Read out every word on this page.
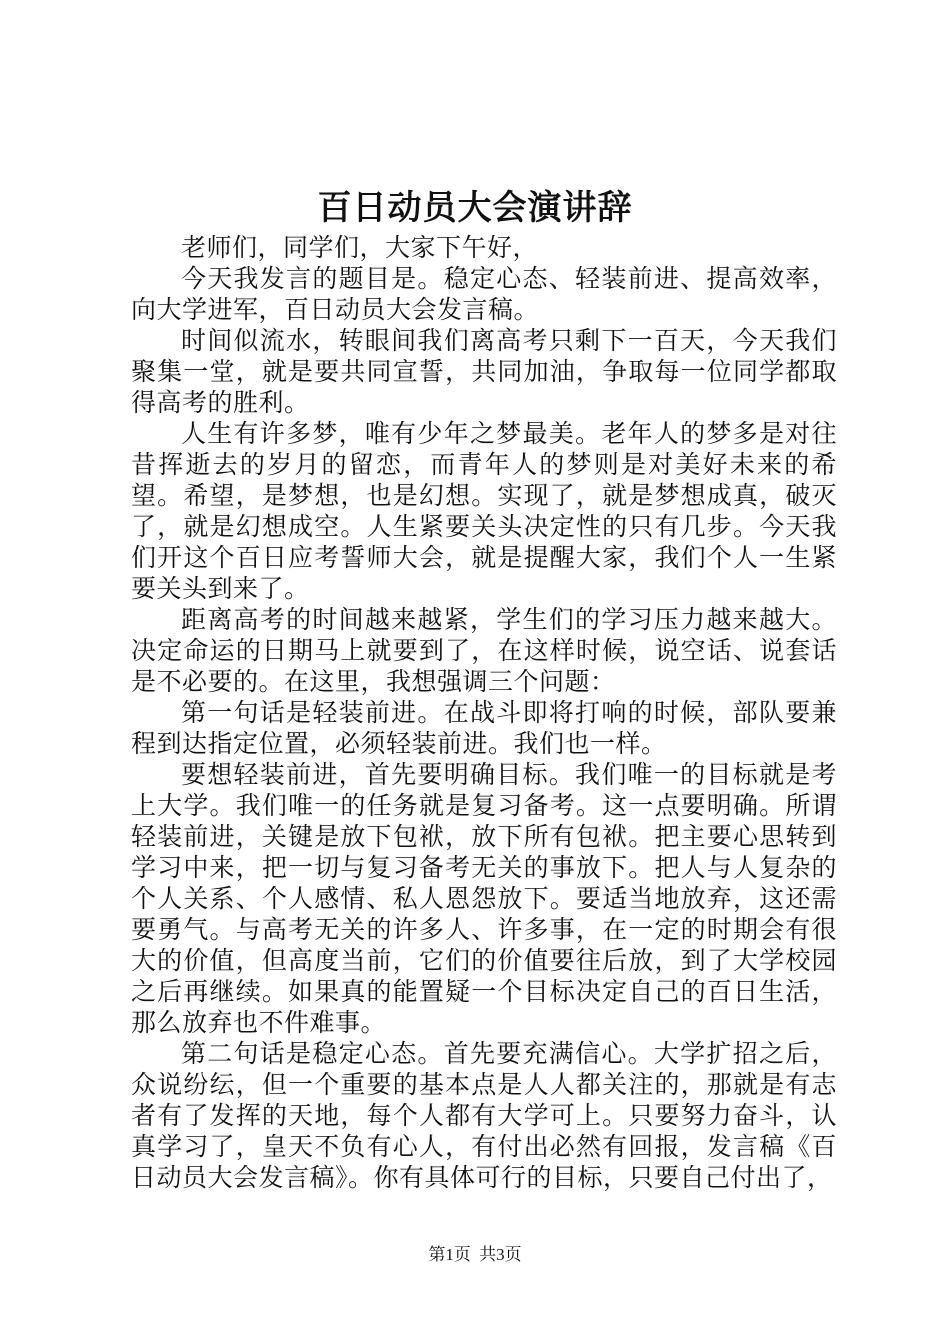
百日动员大会演讲辞

老师们，同学们，大家下午好，

今天我发言的题目是。稳定心态、轻装前进、提高效率，向大学进军，百日动员大会发言稿。

时间似流水，转眼间我们离高考只剩下一百天，今天我们聚集一堂，就是要共同宣誓，共同加油，争取每一位同学都取得高考的胜利。

人生有许多梦，唯有少年之梦最美。老年人的梦多是对往昔挥逝去的岁月的留恋，而青年人的梦则是对美好未来的希望。希望，是梦想，也是幻想。实现了，就是梦想成真，破灭了，就是幻想成空。人生紧要关头决定性的只有几步。今天我们开这个百日应考誓师大会，就是提醒大家，我们个人一生紧要关头到来了。

距离高考的时间越来越紧，学生们的学习压力越来越大。决定命运的日期马上就要到了，在这样时候，说空话、说套话是不必要的。在这里，我想强调三个问题：

第一句话是轻装前进。在战斗即将打响的时候，部队要兼程到达指定位置，必须轻装前进。我们也一样。

要想轻装前进，首先要明确目标。我们唯一的目标就是考上大学。我们唯一的任务就是复习备考。这一点要明确。所谓轻装前进，关键是放下包袱，放下所有包袱。把主要心思转到学习中来，把一切与复习备考无关的事放下。把人与人复杂的个人关系、个人感情、私人恩怨放下。要适当地放弃，这还需要勇气。与高考无关的许多人、许多事，在一定的时期会有很大的价值，但高度当前，它们的价值要往后放，到了大学校园之后再继续。如果真的能置疑一个目标决定自己的百日生活，那么放弃也不件难事。

第二句话是稳定心态。首先要充满信心。大学扩招之后，众说纷纭，但一个重要的基本点是人人都关注的，那就是有志者有了发挥的天地，每个人都有大学可上。只要努力奋斗，认真学习了，皇天不负有心人，有付出必然有回报，发言稿《百日动员大会发言稿》。你有具体可行的目标，只要自己付出了，

第1页 共3页
